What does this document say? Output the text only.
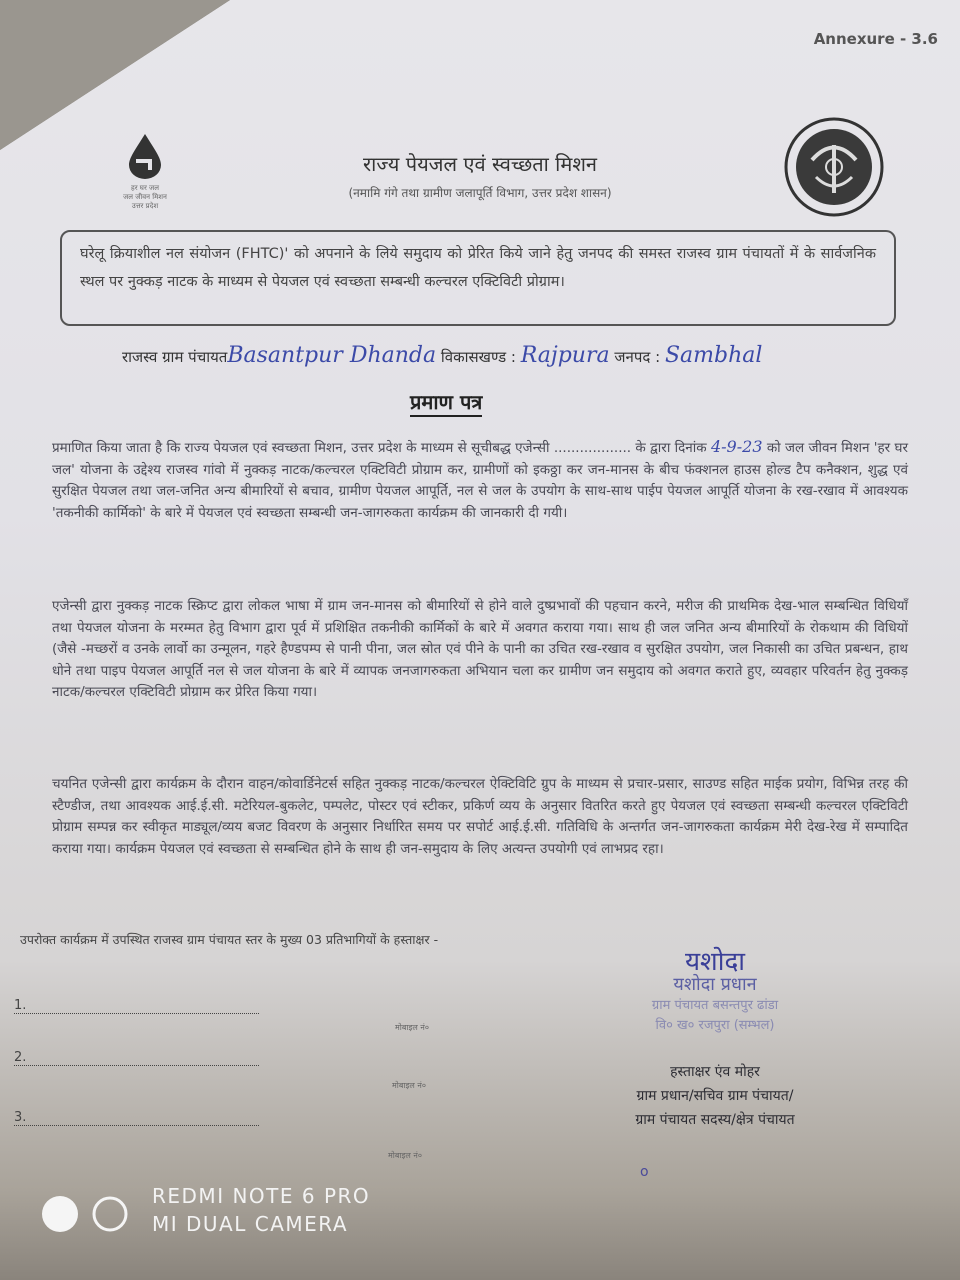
Annexure - 3.6
हर घर जल
जल जीवन मिशन
उत्तर प्रदेश
राज्य पेयजल एवं स्वच्छता मिशन
(नमामि गंगे तथा ग्रामीण जलापूर्ति विभाग, उत्तर प्रदेश शासन)
घरेलू क्रियाशील नल संयोजन (FHTC)' को अपनाने के लिये समुदाय को प्रेरित किये जाने हेतु जनपद की समस्त राजस्व ग्राम पंचायतों में के सार्वजनिक स्थल पर नुक्कड़ नाटक के माध्यम से पेयजल एवं स्वच्छता सम्बन्धी कल्चरल एक्टिविटी प्रोग्राम।
राजस्व ग्राम पंचायतBasantpur Dhanda विकासखण्ड : Rajpura जनपद : Sambhal
प्रमाण पत्र
प्रमाणित किया जाता है कि राज्य पेयजल एवं स्वच्छता मिशन, उत्तर प्रदेश के माध्यम से सूचीबद्ध एजेन्सी .................. के द्वारा दिनांक 4-9-23 को जल जीवन मिशन 'हर घर जल' योजना के उद्देश्य राजस्व गांवो में नुक्कड़ नाटक/कल्चरल एक्टिविटी प्रोग्राम कर, ग्रामीणों को इकठ्ठा कर जन-मानस के बीच फंक्शनल हाउस होल्ड टैप कनैक्शन, शुद्ध एवं सुरक्षित पेयजल तथा जल-जनित अन्य बीमारियों से बचाव, ग्रामीण पेयजल आपूर्ति, नल से जल के उपयोग के साथ-साथ पाईप पेयजल आपूर्ति योजना के रख-रखाव में आवश्यक 'तकनीकी कार्मिको' के बारे में पेयजल एवं स्वच्छता सम्बन्धी जन-जागरुकता कार्यक्रम की जानकारी दी गयी।
एजेन्सी द्वारा नुक्कड़ नाटक स्क्रिप्ट द्वारा लोकल भाषा में ग्राम जन-मानस को बीमारियों से होने वाले दुष्प्रभावों की पहचान करने, मरीज की प्राथमिक देख-भाल सम्बन्धित विधियाँ तथा पेयजल योजना के मरम्मत हेतु विभाग द्वारा पूर्व में प्रशिक्षित तकनीकी कार्मिकों के बारे में अवगत कराया गया। साथ ही जल जनित अन्य बीमारियों के रोकथाम की विधियों (जैसे -मच्छरों व उनके लार्वो का उन्मूलन, गहरे हैण्डपम्प से पानी पीना, जल स्रोत एवं पीने के पानी का उचित रख-रखाव व सुरक्षित उपयोग, जल निकासी का उचित प्रबन्धन, हाथ धोने तथा पाइप पेयजल आपूर्ति नल से जल योजना के बारे में व्यापक जनजागरुकता अभियान चला कर ग्रामीण जन समुदाय को अवगत कराते हुए, व्यवहार परिवर्तन हेतु नुक्कड़ नाटक/कल्चरल एक्टिविटी प्रोग्राम कर प्रेरित किया गया।
चयनित एजेन्सी द्वारा कार्यक्रम के दौरान वाहन/कोवार्डिनेटर्स सहित नुक्कड़ नाटक/कल्चरल ऐक्टिविटि ग्रुप के माध्यम से प्रचार-प्रसार, साउण्ड सहित माईक प्रयोग, विभिन्न तरह की स्टैण्डीज, तथा आवश्यक आई.ई.सी. मटेरियल-बुकलेट, पम्पलेट, पोस्टर एवं स्टीकर, प्रकिर्ण व्यय के अनुसार वितरित करते हुए पेयजल एवं स्वच्छता सम्बन्धी कल्चरल एक्टिविटी प्रोग्राम सम्पन्न कर स्वीकृत माड्यूल/व्यय बजट विवरण के अनुसार निर्धारित समय पर सपोर्ट आई.ई.सी. गतिविधि के अन्तर्गत जन-जागरुकता कार्यक्रम मेरी देख-रेख में सम्पादित कराया गया। कार्यक्रम पेयजल एवं स्वच्छता से सम्बन्धित होने के साथ ही जन-समुदाय के लिए अत्यन्त उपयोगी एवं लाभप्रद रहा।
उपरोक्त कार्यक्रम में उपस्थित राजस्व ग्राम पंचायत स्तर के मुख्य 03 प्रतिभागियों के हस्ताक्षर -
1.
मोबाइल नं०
2.
मोबाइल नं०
3.
मोबाइल नं०
यशोदा
यशोदा प्रधान
ग्राम पंचायत बसन्तपुर ढांडा
वि० ख० रजपुरा (सम्भल)
हस्ताक्षर एंव मोहर
ग्राम प्रधान/सचिव ग्राम पंचायत/
ग्राम पंचायत सदस्य/क्षेत्र पंचायत
o
REDMI NOTE 6 PRO
MI DUAL CAMERA
